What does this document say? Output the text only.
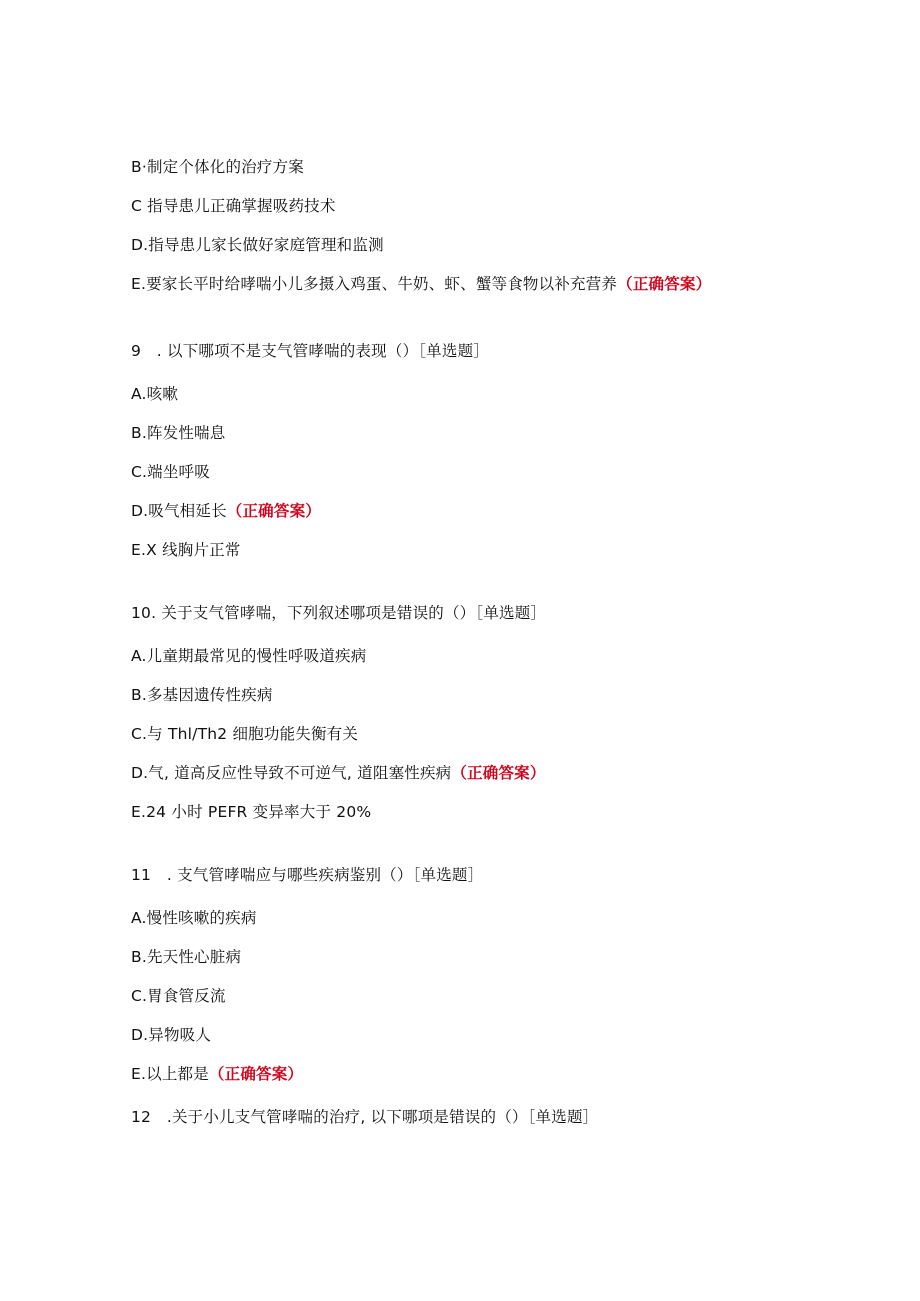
B·制定个体化的治疗方案
C 指导患儿正确掌握吸药技术
D.指导患儿家长做好家庭管理和监测
E.要家长平时给哮喘小儿多摄入鸡蛋、牛奶、虾、蟹等食物以补充营养（正确答案）
9　. 以下哪项不是支气管哮喘的表现（）［单选题］
A.咳嗽
B.阵发性喘息
C.端坐呼吸
D.吸气相延长（正确答案）
E.X 线胸片正常
10. 关于支气管哮喘，下列叙述哪项是错误的（）［单选题］
A.儿童期最常见的慢性呼吸道疾病
B.多基因遗传性疾病
C.与 Thl/Th2 细胞功能失衡有关
D.气, 道高反应性导致不可逆气, 道阻塞性疾病（正确答案）
E.24 小时 PEFR 变异率大于 20%
11　. 支气管哮喘应与哪些疾病鉴别（）［单选题］
A.慢性咳嗽的疾病
B.先天性心脏病
C.胃食管反流
D.异物吸人
E.以上都是（正确答案）
12　.关于小儿支气管哮喘的治疗, 以下哪项是错误的（）［单选题］
